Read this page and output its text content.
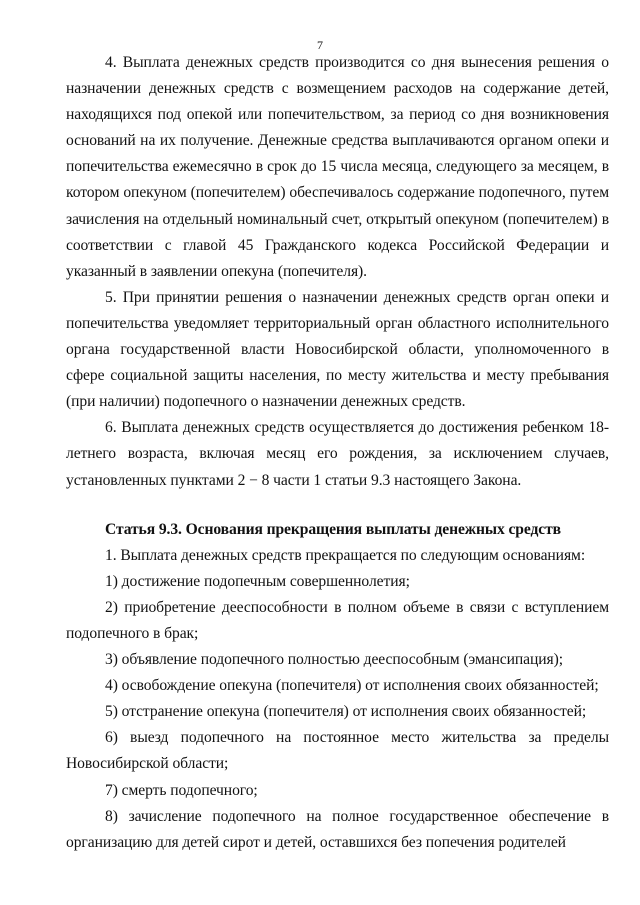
7

4. Выплата денежных средств производится со дня вынесения решения о назначении денежных средств с возмещением расходов на содержание детей, находящихся под опекой или попечительством, за период со дня возникновения оснований на их получение. Денежные средства выплачиваются органом опеки и попечительства ежемесячно в срок до 15 числа месяца, следующего за месяцем, в котором опекуном (попечителем) обеспечивалось содержание подопечного, путем зачисления на отдельный номинальный счет, открытый опекуном (попечителем) в соответствии с главой 45 Гражданского кодекса Российской Федерации и указанный в заявлении опекуна (попечителя).

5. При принятии решения о назначении денежных средств орган опеки и попечительства уведомляет территориальный орган областного исполнительного органа государственной власти Новосибирской области, уполномоченного в сфере социальной защиты населения, по месту жительства и месту пребывания (при наличии) подопечного о назначении денежных средств.

6. Выплата денежных средств осуществляется до достижения ребенком 18-летнего возраста, включая месяц его рождения, за исключением случаев, установленных пунктами 2 − 8 части 1 статьи 9.3 настоящего Закона.

Статья 9.3. Основания прекращения выплаты денежных средств

1. Выплата денежных средств прекращается по следующим основаниям:

1) достижение подопечным совершеннолетия;

2) приобретение дееспособности в полном объеме в связи с вступлением подопечного в брак;

3) объявление подопечного полностью дееспособным (эмансипация);

4) освобождение опекуна (попечителя) от исполнения своих обязанностей;

5) отстранение опекуна (попечителя) от исполнения своих обязанностей;

6) выезд подопечного на постоянное место жительства за пределы Новосибирской области;

7) смерть подопечного;

8) зачисление подопечного на полное государственное обеспечение в организацию для детей сирот и детей, оставшихся без попечения родителей
